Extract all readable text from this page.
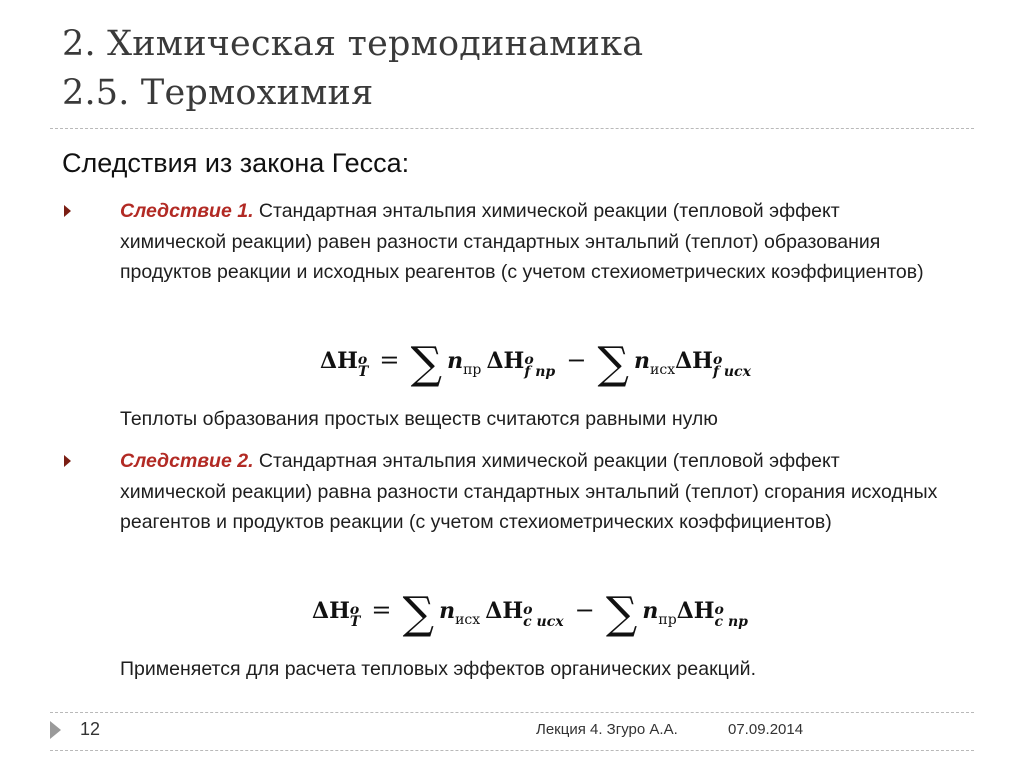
2. Химическая термодинамика
2.5. Термохимия
Следствия из закона Гесса:
Следствие 1. Стандартная энтальпия химической реакции (тепловой эффект химической реакции) равен разности стандартных энтальпий (теплот) образования продуктов реакции и исходных реагентов (с учетом стехиометрических коэффициентов)
ΔH o
T = ∑ nпр ΔH o
f пр − ∑ nисхΔH o
f исх
Теплоты образования простых веществ считаются равными нулю
Следствие 2. Стандартная энтальпия химической реакции (тепловой эффект химической реакции) равна разности стандартных энтальпий (теплот) сгорания исходных реагентов и продуктов реакции (с учетом стехиометрических коэффициентов)
ΔH o
T = ∑ nисх ΔH o
с исх − ∑ nпрΔH o
с пр
Применяется для расчета тепловых эффектов органических реакций.
12	Лекция 4. Згуро А.А.	07.09.2014
